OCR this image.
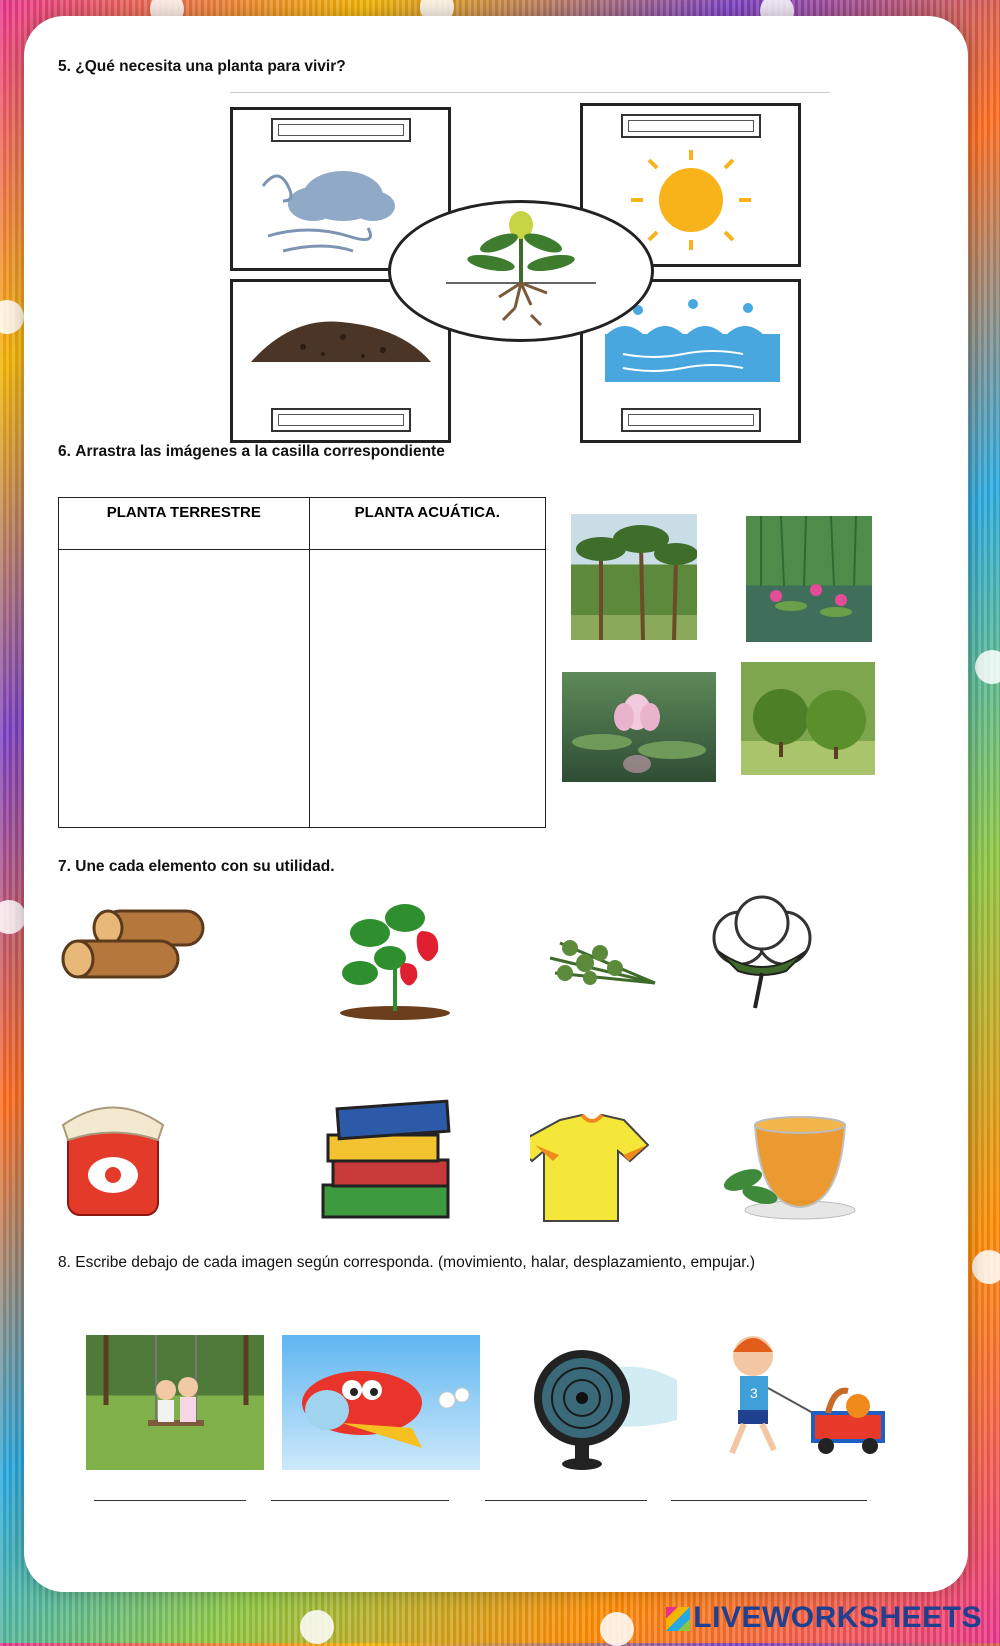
5. ¿Qué necesita una planta para vivir?
6. Arrastra las imágenes a la casilla correspondiente
PLANTA TERRESTRE	PLANTA ACUÁTICA.

7. Une cada elemento con su utilidad.
8. Escribe debajo de cada imagen según corresponda. (movimiento, halar, desplazamiento, empujar.)
3
LIVEWORKSHEETS
